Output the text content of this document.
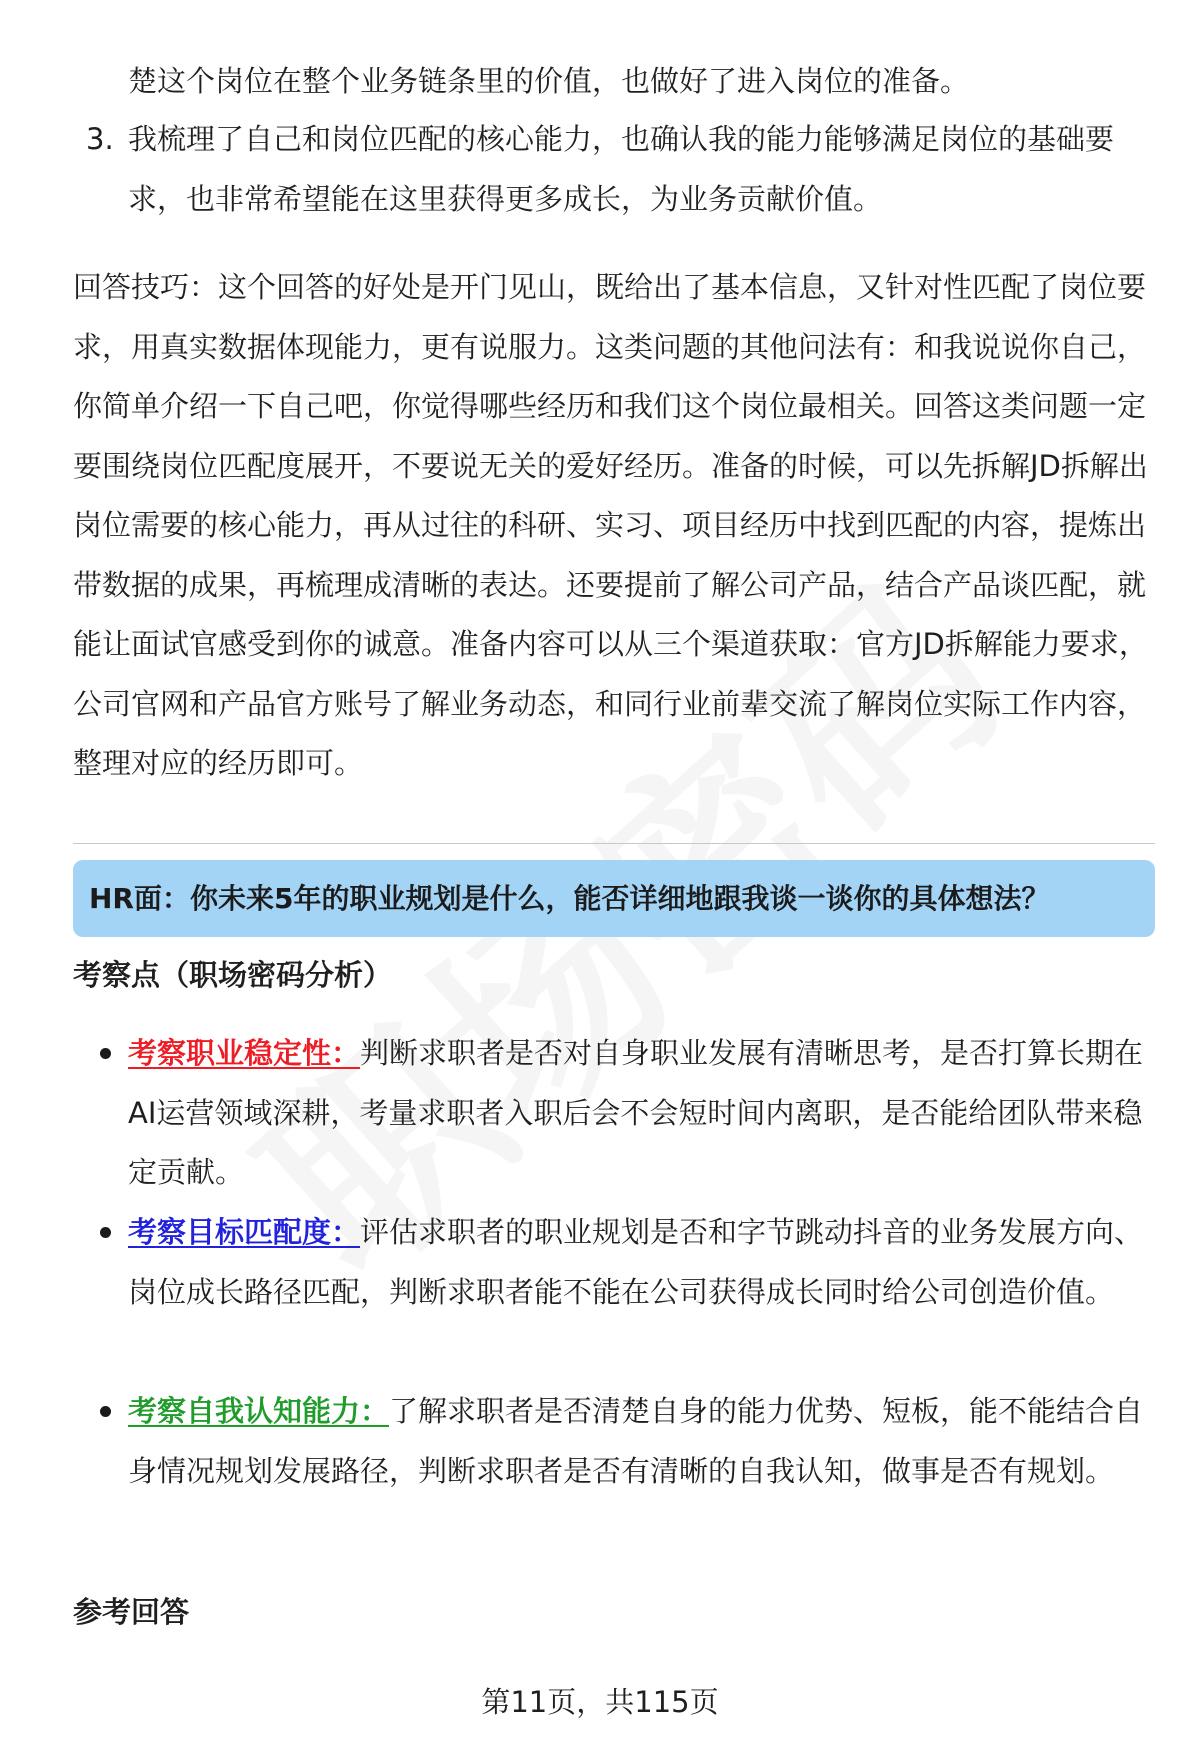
楚这个岗位在整个业务链条里的价值，也做好了进入岗位的准备。

3. 我梳理了自己和岗位匹配的核心能力，也确认我的能力能够满足岗位的基础要求，也非常希望能在这里获得更多成长，为业务贡献价值。

回答技巧：这个回答的好处是开门见山，既给出了基本信息，又针对性匹配了岗位要求，用真实数据体现能力，更有说服力。这类问题的其他问法有：和我说说你自己，你简单介绍一下自己吧，你觉得哪些经历和我们这个岗位最相关。回答这类问题一定要围绕岗位匹配度展开，不要说无关的爱好经历。准备的时候，可以先拆解JD拆解出岗位需要的核心能力，再从过往的科研、实习、项目经历中找到匹配的内容，提炼出带数据的成果，再梳理成清晰的表达。还要提前了解公司产品，结合产品谈匹配，就能让面试官感受到你的诚意。准备内容可以从三个渠道获取：官方JD拆解能力要求，公司官网和产品官方账号了解业务动态，和同行业前辈交流了解岗位实际工作内容，整理对应的经历即可。

HR面：你未来5年的职业规划是什么，能否详细地跟我谈一谈你的具体想法？
考察点（职场密码分析）
考察职业稳定性：判断求职者是否对自身职业发展有清晰思考，是否打算长期在AI运营领域深耕，考量求职者入职后会不会短时间内离职，是否能给团队带来稳定贡献。
考察目标匹配度：评估求职者的职业规划是否和字节跳动抖音的业务发展方向、岗位成长路径匹配，判断求职者能不能在公司获得成长同时给公司创造价值。
考察自我认知能力：了解求职者是否清楚自身的能力优势、短板，能不能结合自身情况规划发展路径，判断求职者是否有清晰的自我认知，做事是否有规划。
参考回答
第11页，共115页
